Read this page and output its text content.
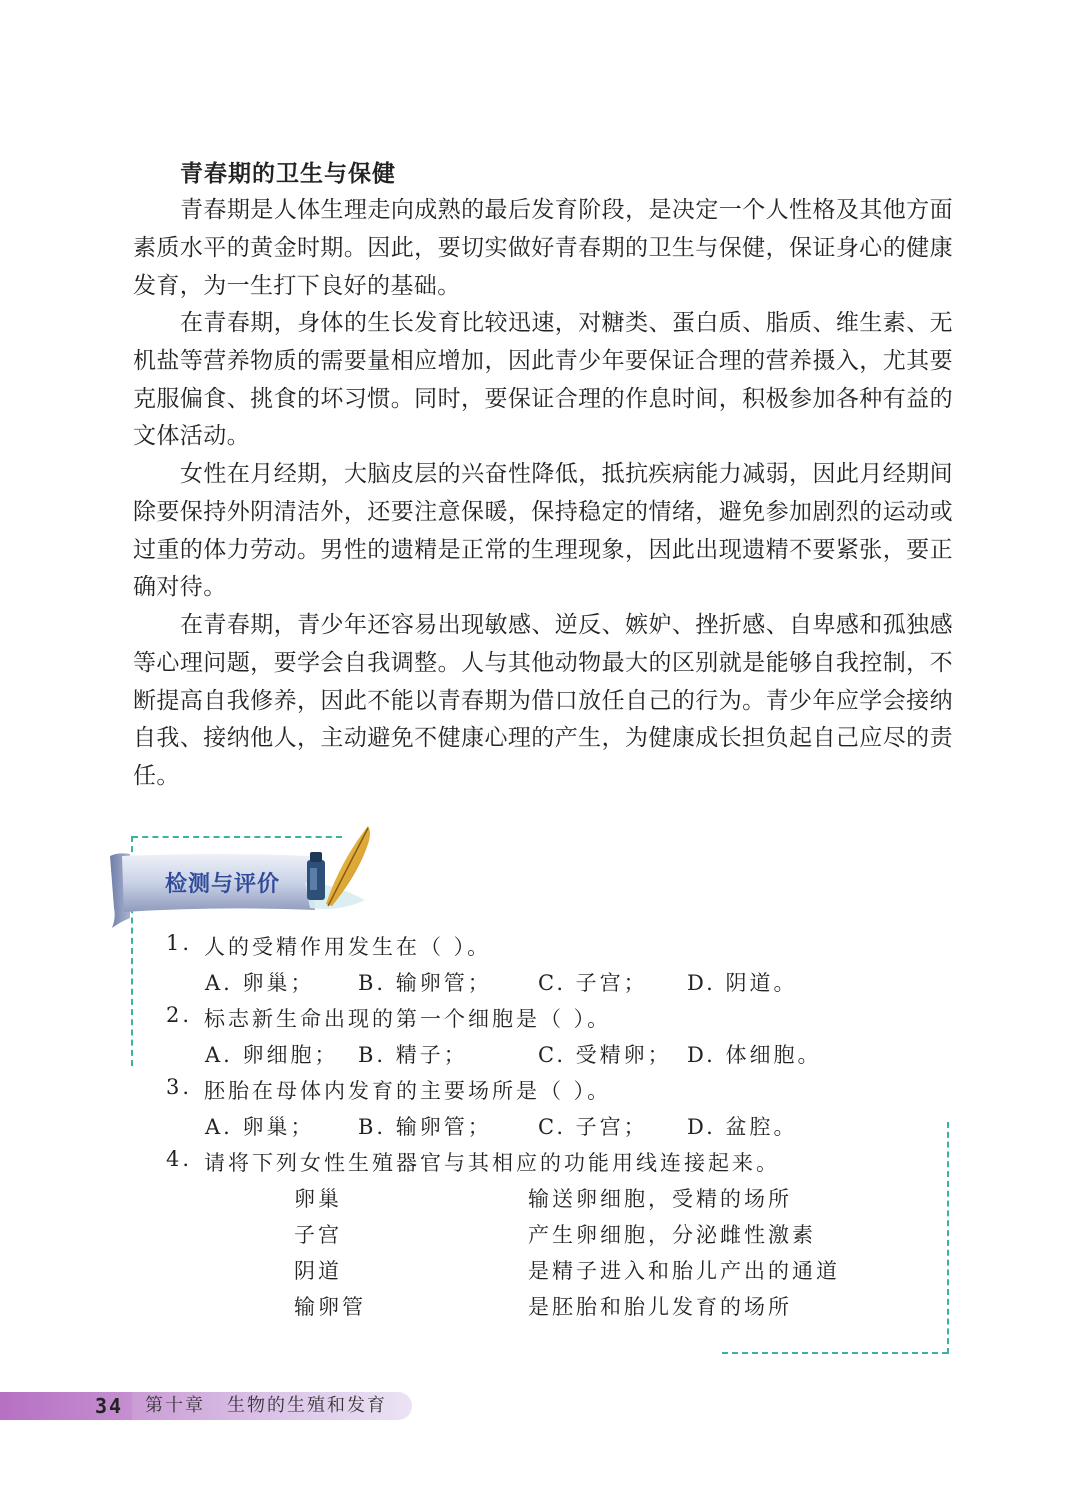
青春期的卫生与保健

青春期是人体生理走向成熟的最后发育阶段，是决定一个人性格及其他方面素质水平的黄金时期。因此，要切实做好青春期的卫生与保健，保证身心的健康发育，为一生打下良好的基础。

在青春期，身体的生长发育比较迅速，对糖类、蛋白质、脂质、维生素、无机盐等营养物质的需要量相应增加，因此青少年要保证合理的营养摄入，尤其要克服偏食、挑食的坏习惯。同时，要保证合理的作息时间，积极参加各种有益的文体活动。

女性在月经期，大脑皮层的兴奋性降低，抵抗疾病能力减弱，因此月经期间除要保持外阴清洁外，还要注意保暖，保持稳定的情绪，避免参加剧烈的运动或过重的体力劳动。男性的遗精是正常的生理现象，因此出现遗精不要紧张，要正确对待。

在青春期，青少年还容易出现敏感、逆反、嫉妒、挫折感、自卑感和孤独感等心理问题，要学会自我调整。人与其他动物最大的区别就是能够自我控制，不断提高自我修养，因此不能以青春期为借口放任自己的行为。青少年应学会接纳自我、接纳他人，主动避免不健康心理的产生，为健康成长担负起自己应尽的责任。

检测与评价
1. 人的受精作用发生在（ ）。
A. 卵巢； B. 输卵管； C. 子宫； D. 阴道。
2. 标志新生命出现的第一个细胞是（ ）。
A. 卵细胞； B. 精子；	C. 受精卵； D. 体细胞。
3. 胚胎在母体内发育的主要场所是（ ）。
A. 卵巢； B. 输卵管； C. 子宫； D. 盆腔。
4. 请将下列女性生殖器官与其相应的功能用线连接起来。
卵巢	输送卵细胞，受精的场所
子宫	产生卵细胞，分泌雌性激素
阴道	是精子进入和胎儿产出的通道
输卵管	是胚胎和胎儿发育的场所
34 第十章 生物的生殖和发育
